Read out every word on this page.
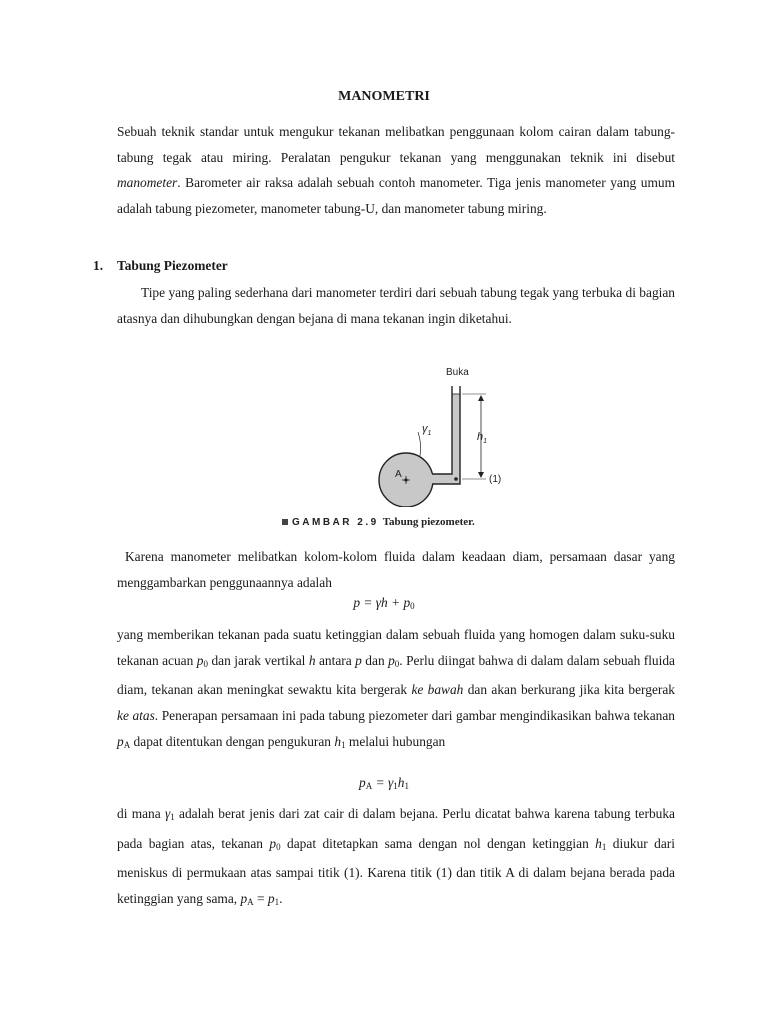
MANOMETRI

Sebuah teknik standar untuk mengukur tekanan melibatkan penggunaan kolom cairan dalam tabung-tabung tegak atau miring. Peralatan pengukur tekanan yang menggunakan teknik ini disebut manometer. Barometer air raksa adalah sebuah contoh manometer. Tiga jenis manometer yang umum adalah tabung piezometer, manometer tabung-U, dan manometer tabung miring.

1. Tabung Piezometer

Tipe yang paling sederhana dari manometer terdiri dari sebuah tabung tegak yang terbuka di bagian atasnya dan dihubungkan dengan bejana di mana tekanan ingin diketahui.

Buka
$\gamma_1$	$h_1$
A	(1)
GAMBAR 2.9 Tabung piezometer.

Karena manometer melibatkan kolom-kolom fluida dalam keadaan diam, persamaan dasar yang menggambarkan penggunaannya adalah

$p = \gamma h + p_0$

yang memberikan tekanan pada suatu ketinggian dalam sebuah fluida yang homogen dalam suku-suku tekanan acuan $p_0$ dan jarak vertikal h antara p dan $p_0$. Perlu diingat bahwa di dalam dalam sebuah fluida diam, tekanan akan meningkat sewaktu kita bergerak ke bawah dan akan berkurang jika kita bergerak ke atas. Penerapan persamaan ini pada tabung piezometer dari gambar mengindikasikan bahwa tekanan $p_A$ dapat ditentukan dengan pengukuran $h_1$ melalui hubungan

$p_A = \gamma_1h_1$

di mana $\gamma_1$ adalah berat jenis dari zat cair di dalam bejana. Perlu dicatat bahwa karena tabung terbuka pada bagian atas, tekanan $p_0$ dapat ditetapkan sama dengan nol dengan ketinggian $h_1$ diukur dari meniskus di permukaan atas sampai titik (1). Karena titik (1) dan titik A di dalam bejana berada pada ketinggian yang sama, $p_A = p_1$.
